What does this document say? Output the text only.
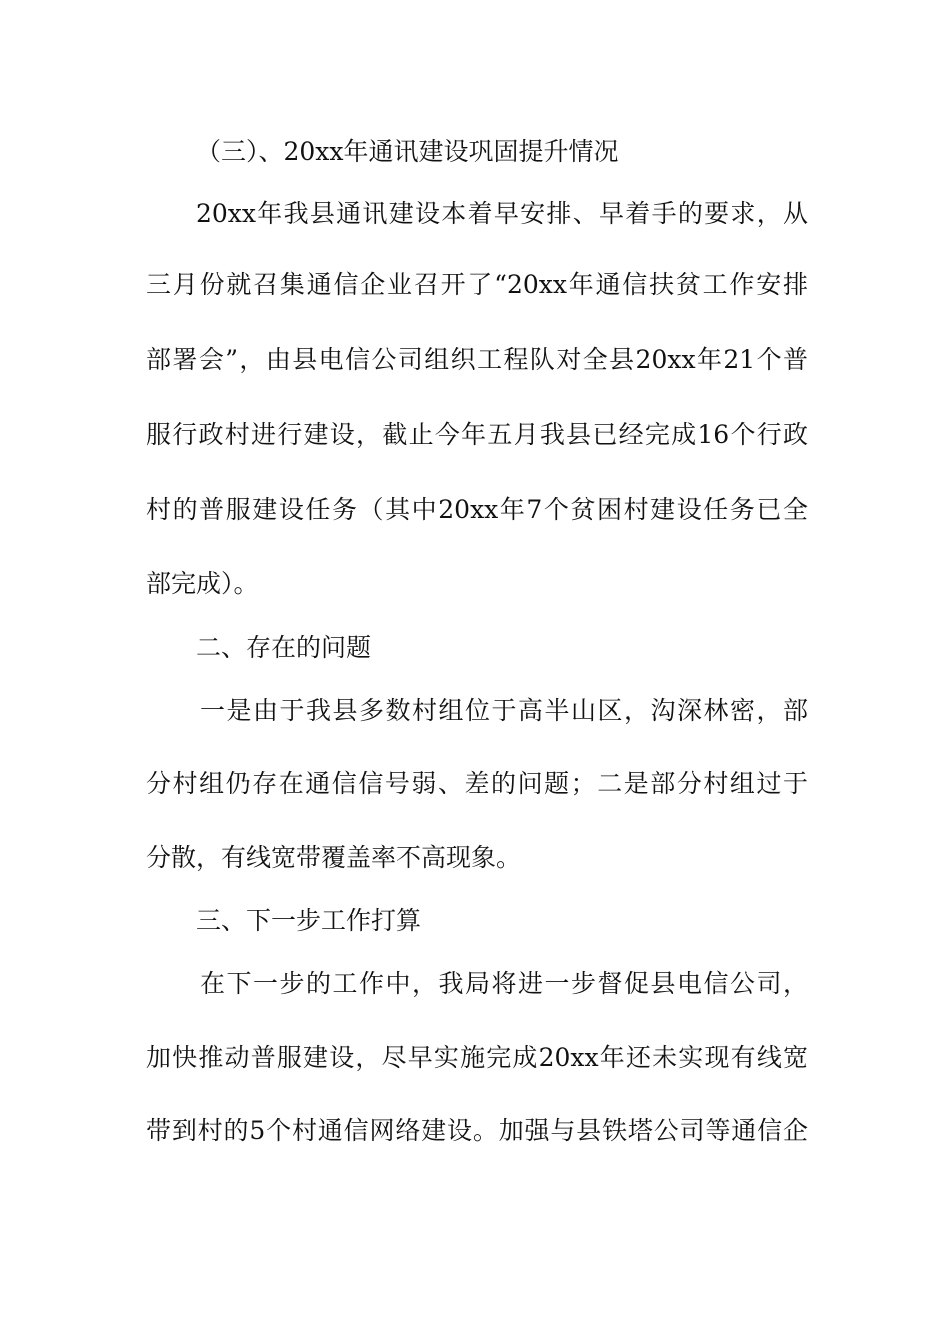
（三）、20xx年通讯建设巩固提升情况
20xx年我县通讯建设本着早安排、早着手的要求，从
三月份就召集通信企业召开了“20xx年通信扶贫工作安排
部署会”，由县电信公司组织工程队对全县20xx年21个普
服行政村进行建设，截止今年五月我县已经完成16个行政
村的普服建设任务（其中20xx年7个贫困村建设任务已全
部完成）。
二、存在的问题
一是由于我县多数村组位于高半山区，沟深林密，部
分村组仍存在通信信号弱、差的问题；二是部分村组过于
分散，有线宽带覆盖率不高现象。
三、下一步工作打算
在下一步的工作中，我局将进一步督促县电信公司，
加快推动普服建设，尽早实施完成20xx年还未实现有线宽
带到村的5个村通信网络建设。加强与县铁塔公司等通信企
